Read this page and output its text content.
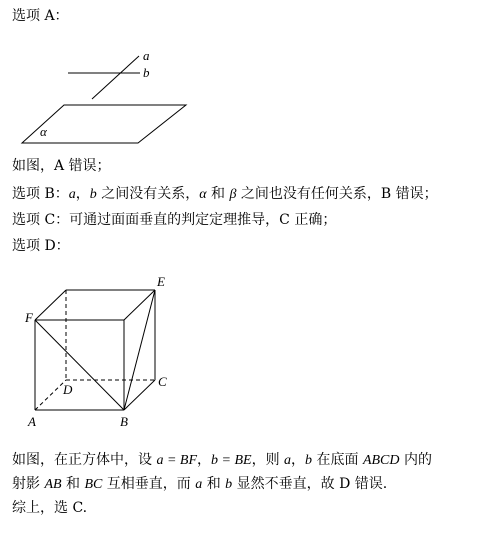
选项 A：
a
b
α
如图，A 错误；
选项 B：a，b 之间没有关系，α 和 β 之间也没有任何关系，B 错误；
选项 C：可通过面面垂直的判定定理推导，C 正确；
选项 D：
E
F
D
C
A	B
如图，在正方体中，设 a = BF，b = BE，则 a，b 在底面 ABCD 内的
射影 AB 和 BC 互相垂直，而 a 和 b 显然不垂直，故 D 错误.
综上，选 C.
